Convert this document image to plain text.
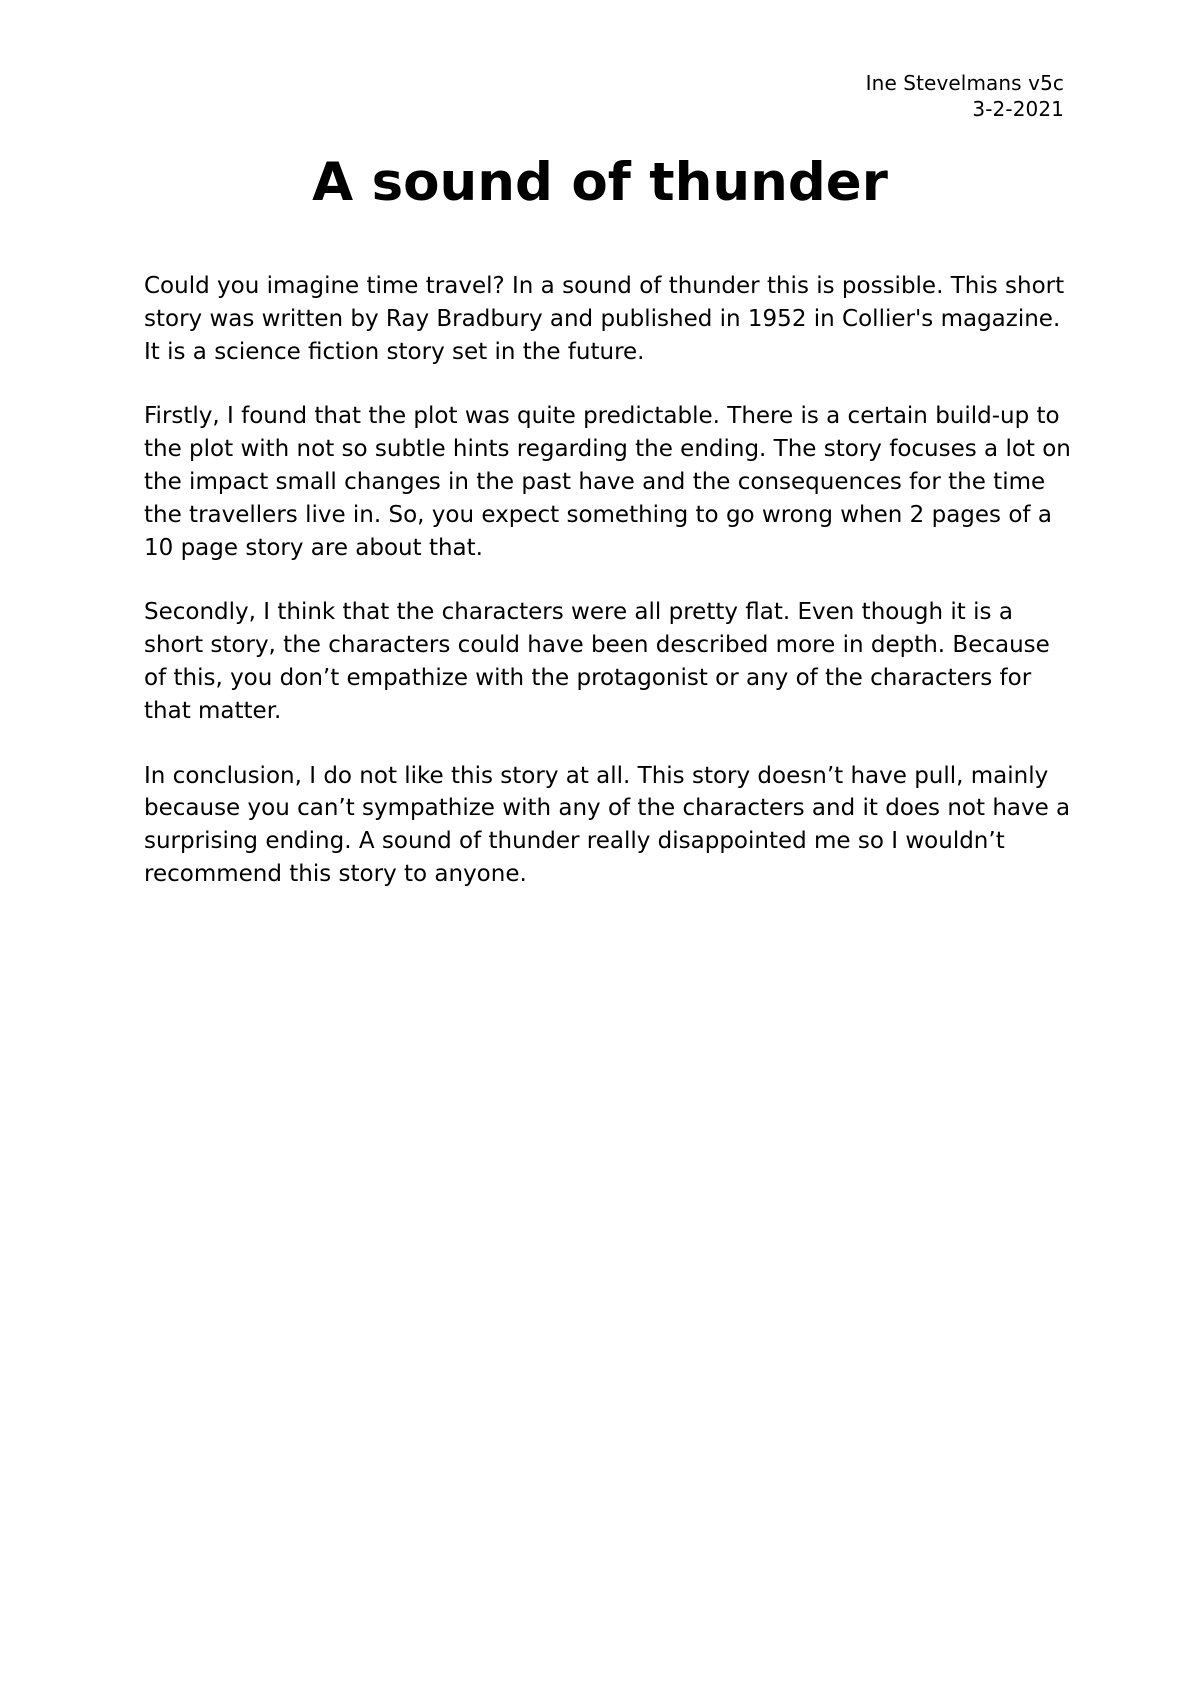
Ine Stevelmans v5c
3-2-2021
A sound of thunder

Could you imagine time travel? In a sound of thunder this is possible. This short story was written by Ray Bradbury and published in 1952 in Collier's magazine. It is a science fiction story set in the future.

Firstly, I found that the plot was quite predictable. There is a certain build-up to the plot with not so subtle hints regarding the ending. The story focuses a lot on the impact small changes in the past have and the consequences for the time the travellers live in. So, you expect something to go wrong when 2 pages of a 10 page story are about that.

Secondly, I think that the characters were all pretty flat. Even though it is a short story, the characters could have been described more in depth. Because of this, you don’t empathize with the protagonist or any of the characters for that matter.

In conclusion, I do not like this story at all. This story doesn’t have pull, mainly because you can’t sympathize with any of the characters and it does not have a surprising ending. A sound of thunder really disappointed me so I wouldn’t recommend this story to anyone.
